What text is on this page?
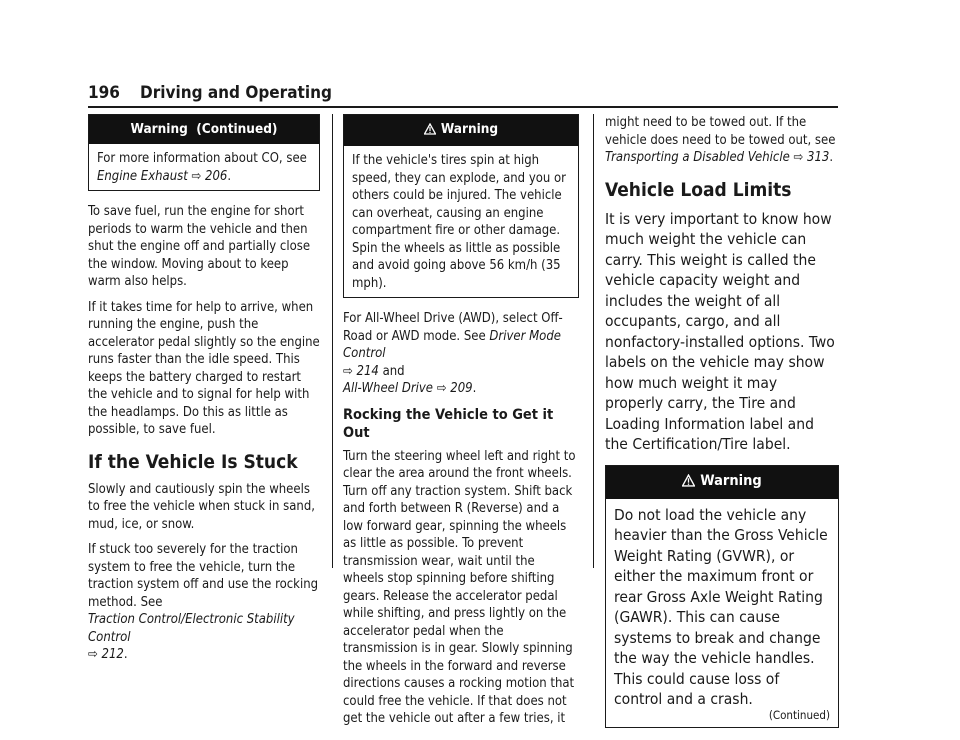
196 Driving and Operating
Warning  (Continued)

For more information about CO, see
Engine Exhaust ⇨ 206.

To save fuel, run the engine for short periods to warm the vehicle and then shut the engine off and partially close the window. Moving about to keep warm also helps.

If it takes time for help to arrive, when running the engine, push the accelerator pedal slightly so the engine runs faster than the idle speed. This keeps the battery charged to restart the vehicle and to signal for help with the headlamps. Do this as little as possible, to save fuel.

If the Vehicle Is Stuck

Slowly and cautiously spin the wheels to free the vehicle when stuck in sand, mud, ice, or snow.

If stuck too severely for the traction system to free the vehicle, turn the traction system off and use the rocking method. See
Traction Control/Electronic Stability Control
⇨ 212.

Warning

If the vehicle's tires spin at high speed, they can explode, and you or others could be injured. The vehicle can overheat, causing an engine compartment fire or other damage. Spin the wheels as little as possible and avoid going above 56 km/h (35 mph).

For All-Wheel Drive (AWD), select Off-Road or AWD mode. See Driver Mode Control
⇨ 214 and
All-Wheel Drive ⇨ 209.

Rocking the Vehicle to Get it Out

Turn the steering wheel left and right to clear the area around the front wheels. Turn off any traction system. Shift back and forth between R (Reverse) and a low forward gear, spinning the wheels as little as possible. To prevent transmission wear, wait until the wheels stop spinning before shifting gears. Release the accelerator pedal while shifting, and press lightly on the accelerator pedal when the transmission is in gear. Slowly spinning the wheels in the forward and reverse directions causes a rocking motion that could free the vehicle. If that does not get the vehicle out after a few tries, it

might need to be towed out. If the vehicle does need to be towed out, see Transporting a Disabled Vehicle ⇨ 313.

Vehicle Load Limits

It is very important to know how much weight the vehicle can carry. This weight is called the vehicle capacity weight and includes the weight of all occupants, cargo, and all nonfactory-installed options. Two labels on the vehicle may show how much weight it may properly carry, the Tire and Loading Information label and the Certification/Tire label.

Warning

Do not load the vehicle any heavier than the Gross Vehicle Weight Rating (GVWR), or either the maximum front or rear Gross Axle Weight Rating (GAWR). This can cause systems to break and change the way the vehicle handles. This could cause loss of control and a crash.

(Continued)
